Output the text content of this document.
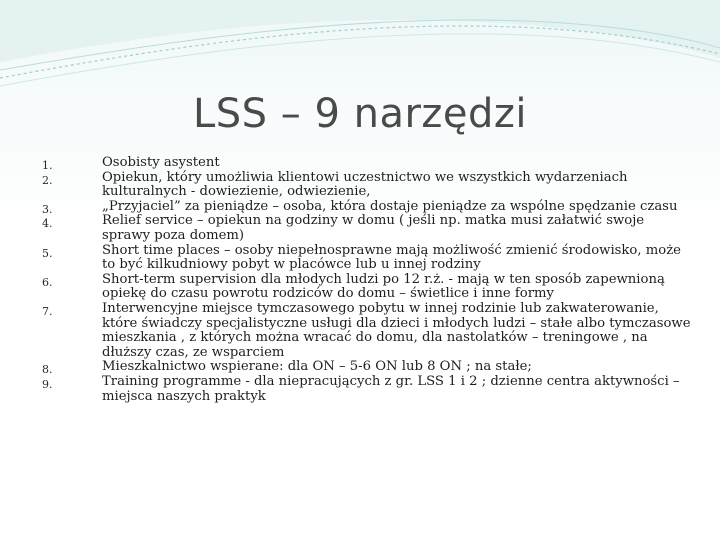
LSS – 9 narzędzi
1.	Osobisty asystent
2.	Opiekun, który umożliwia klientowi uczestnictwo we wszystkich wydarzeniach kulturalnych - dowiezienie, odwiezienie,
3.	„Przyjaciel” za pieniądze – osoba, która dostaje pieniądze za wspólne spędzanie czasu
4.	Relief service – opiekun na godziny w domu ( jeśli np. matka musi załatwić swoje sprawy poza domem)
5.	Short time places – osoby niepełnosprawne mają możliwość zmienić środowisko, może to być kilkudniowy pobyt w placówce lub u innej rodziny
6.	Short-term supervision dla młodych ludzi po 12 r.ż. - mają w ten sposób zapewnioną opiekę do czasu powrotu rodziców do domu – świetlice i inne formy
7.	Interwencyjne miejsce tymczasowego pobytu w innej rodzinie lub zakwaterowanie, które świadczy specjalistyczne usługi dla dzieci i młodych ludzi – stałe albo tymczasowe mieszkania , z których można wracać do domu, dla nastolatków – treningowe , na dłuższy czas, ze wsparciem
8.	Mieszkalnictwo wspierane: dla ON – 5-6 ON lub 8 ON ; na stałe;
9.	Training programme - dla niepracujących z gr. LSS 1 i 2 ; dzienne centra aktywności – miejsca naszych praktyk
